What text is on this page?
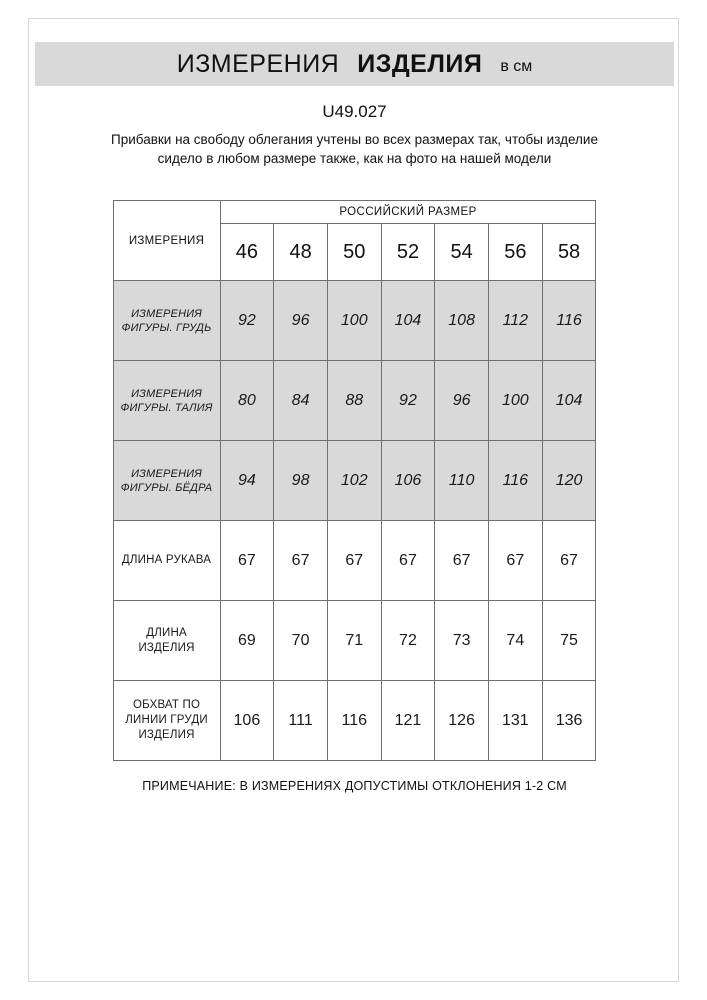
ИЗМЕРЕНИЯ ИЗДЕЛИЯ в см
U49.027
Прибавки на свободу облегания учтены во всех размерах так, чтобы изделие сидело в любом размере также, как на фото на нашей модели
ИЗМЕРЕНИЯ	РОССИЙСКИЙ РАЗМЕР						
	46	48	50	52	54	56	58
ИЗМЕРЕНИЯ ФИГУРЫ. ГРУДЬ	92	96	100	104	108	112	116
ИЗМЕРЕНИЯ ФИГУРЫ. ТАЛИЯ	80	84	88	92	96	100	104
ИЗМЕРЕНИЯ ФИГУРЫ. БЁДРА	94	98	102	106	110	116	120
ДЛИНА РУКАВА	67	67	67	67	67	67	67
ДЛИНА ИЗДЕЛИЯ	69	70	71	72	73	74	75
ОБХВАТ ПО ЛИНИИ ГРУДИ ИЗДЕЛИЯ	106	111	116	121	126	131	136
ПРИМЕЧАНИЕ: В ИЗМЕРЕНИЯХ ДОПУСТИМЫ ОТКЛОНЕНИЯ 1-2 СМ
